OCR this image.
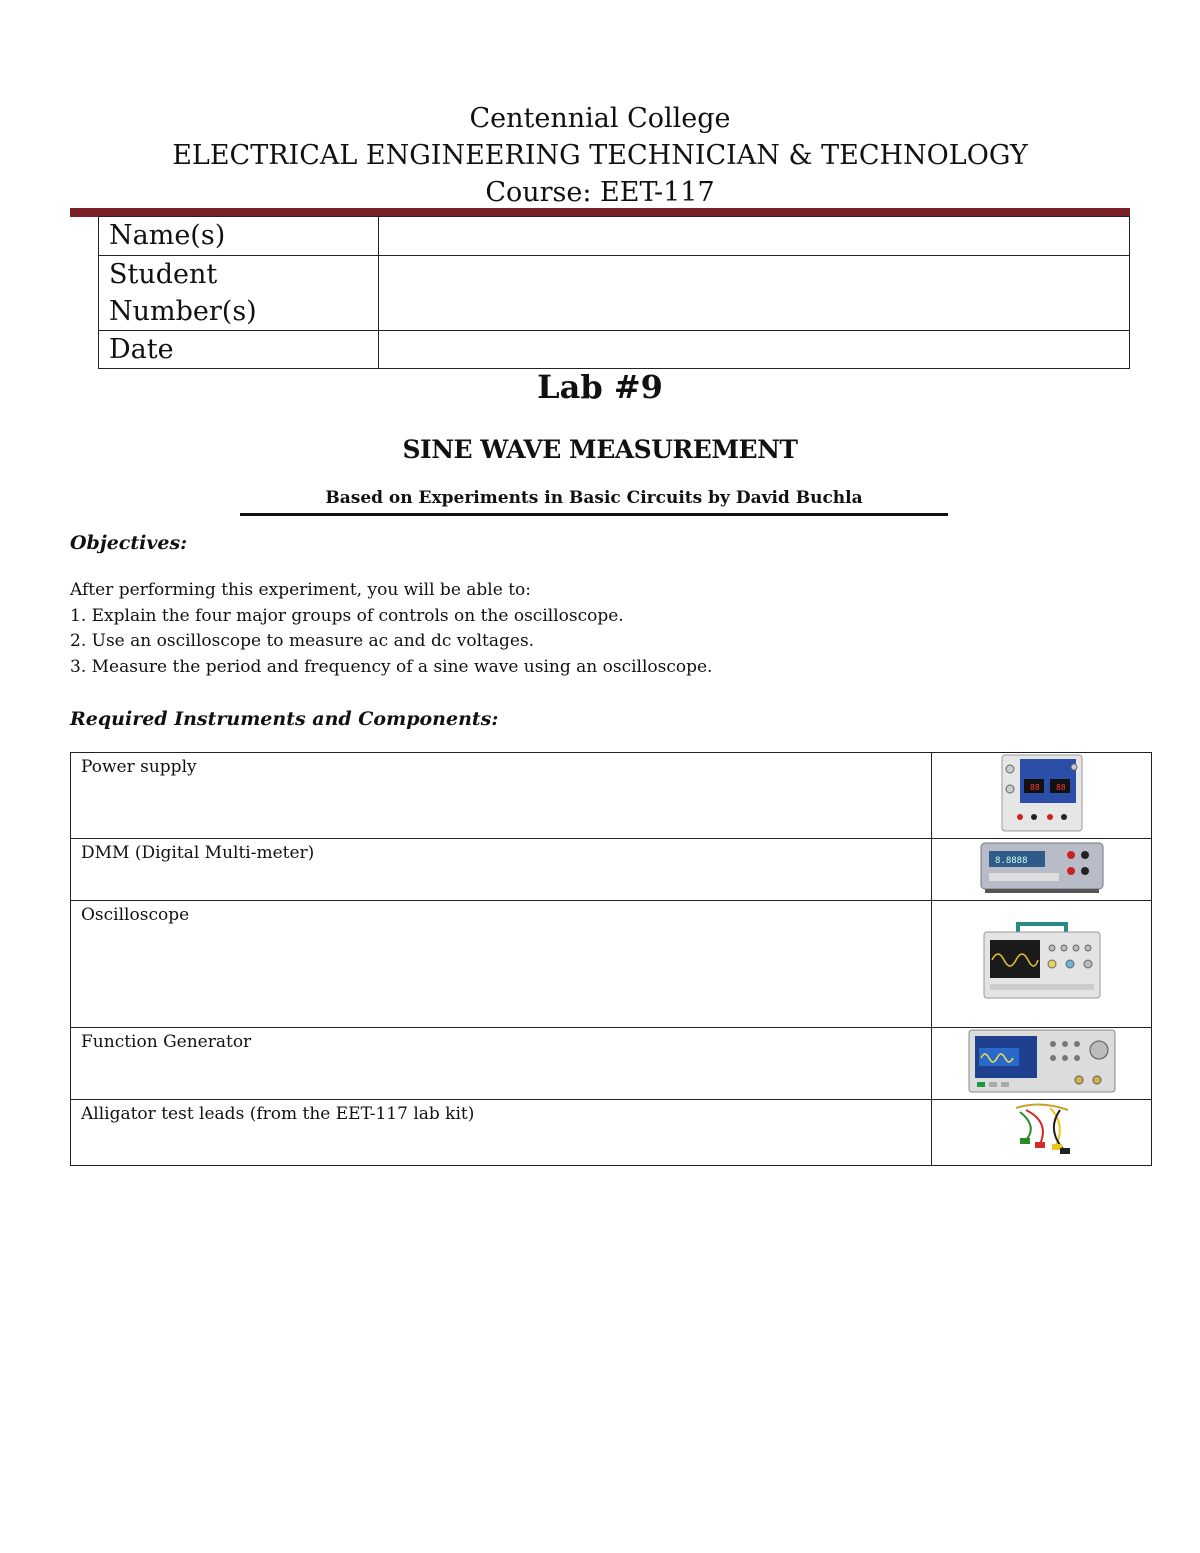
Centennial College
ELECTRICAL ENGINEERING TECHNICIAN & TECHNOLOGY
Course: EET-117
Name(s)	
Student Number(s)	
Date	
Lab #9
SINE WAVE MEASUREMENT
Based on Experiments in Basic Circuits by David Buchla
Objectives:
After performing this experiment, you will be able to:
1. Explain the four major groups of controls on the oscilloscope.
2. Use an oscilloscope to measure ac and dc voltages.
3. Measure the period and frequency of a sine wave using an oscilloscope.
Required Instruments and Components:
Power supply	88 88

DMM (Digital Multi-meter)	8.8888

Oscilloscope	
Function Generator	
Alligator test leads (from the EET-117 lab kit)	
